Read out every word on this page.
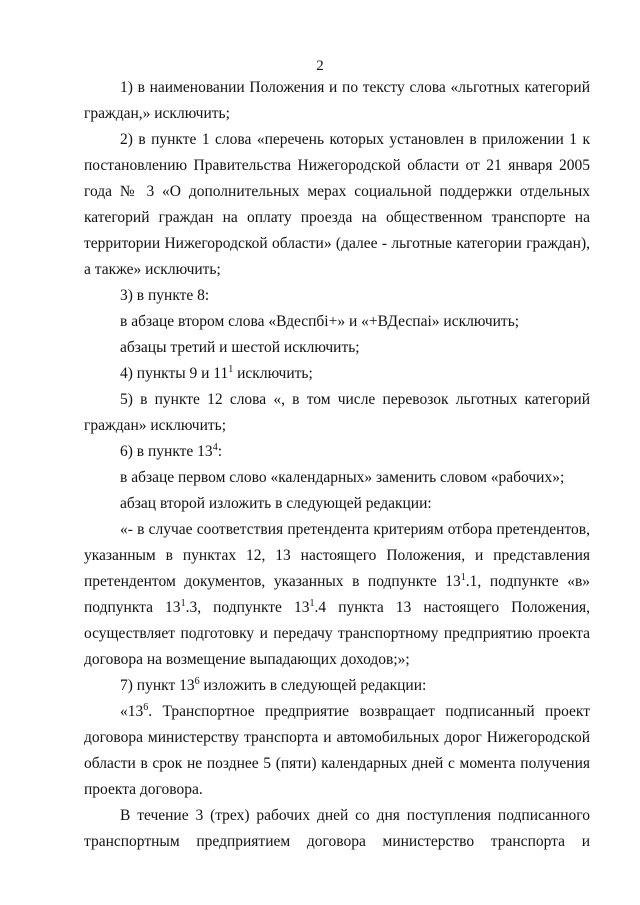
2
1) в наименовании Положения и по тексту слова «льготных категорий
граждан,» исключить;
2) в пункте 1 слова «перечень которых установлен в приложении 1 к
постановлению Правительства Нижегородской области от 21 января 2005
года № 3 «О дополнительных мерах социальной поддержки отдельных
категорий граждан на оплату проезда на общественном транспорте на
территории Нижегородской области» (далее - льготные категории граждан),
а также» исключить;
3) в пункте 8:
в абзаце втором слова «Вдеспбі+» и «+ВДеспаі» исключить;
абзацы третий и шестой исключить;
4) пункты 9 и $11^1$ исключить;
5) в пункте 12 слова «, в том числе перевозок льготных категорий
граждан» исключить;
6) в пункте $13^4$:
в абзаце первом слово «календарных» заменить словом «рабочих»;
абзац второй изложить в следующей редакции:
«- в случае соответствия претендента критериям отбора претендентов,
указанным в пунктах 12, 13 настоящего Положения, и представления
претендентом документов, указанных в подпункте $13^1.1$, подпункте «в»
подпункта $13^1.3$, подпункте $13^1.4$ пункта 13 настоящего Положения,
осуществляет подготовку и передачу транспортному предприятию проекта
договора на возмещение выпадающих доходов;»;
7) пункт $13^6$ изложить в следующей редакции:
«$13^6$. Транспортное предприятие возвращает подписанный проект
договора министерству транспорта и автомобильных дорог Нижегородской
области в срок не позднее 5 (пяти) календарных дней с момента получения
проекта договора.
В течение 3 (трех) рабочих дней со дня поступления подписанного
транспортным предприятием договора министерство транспорта и
